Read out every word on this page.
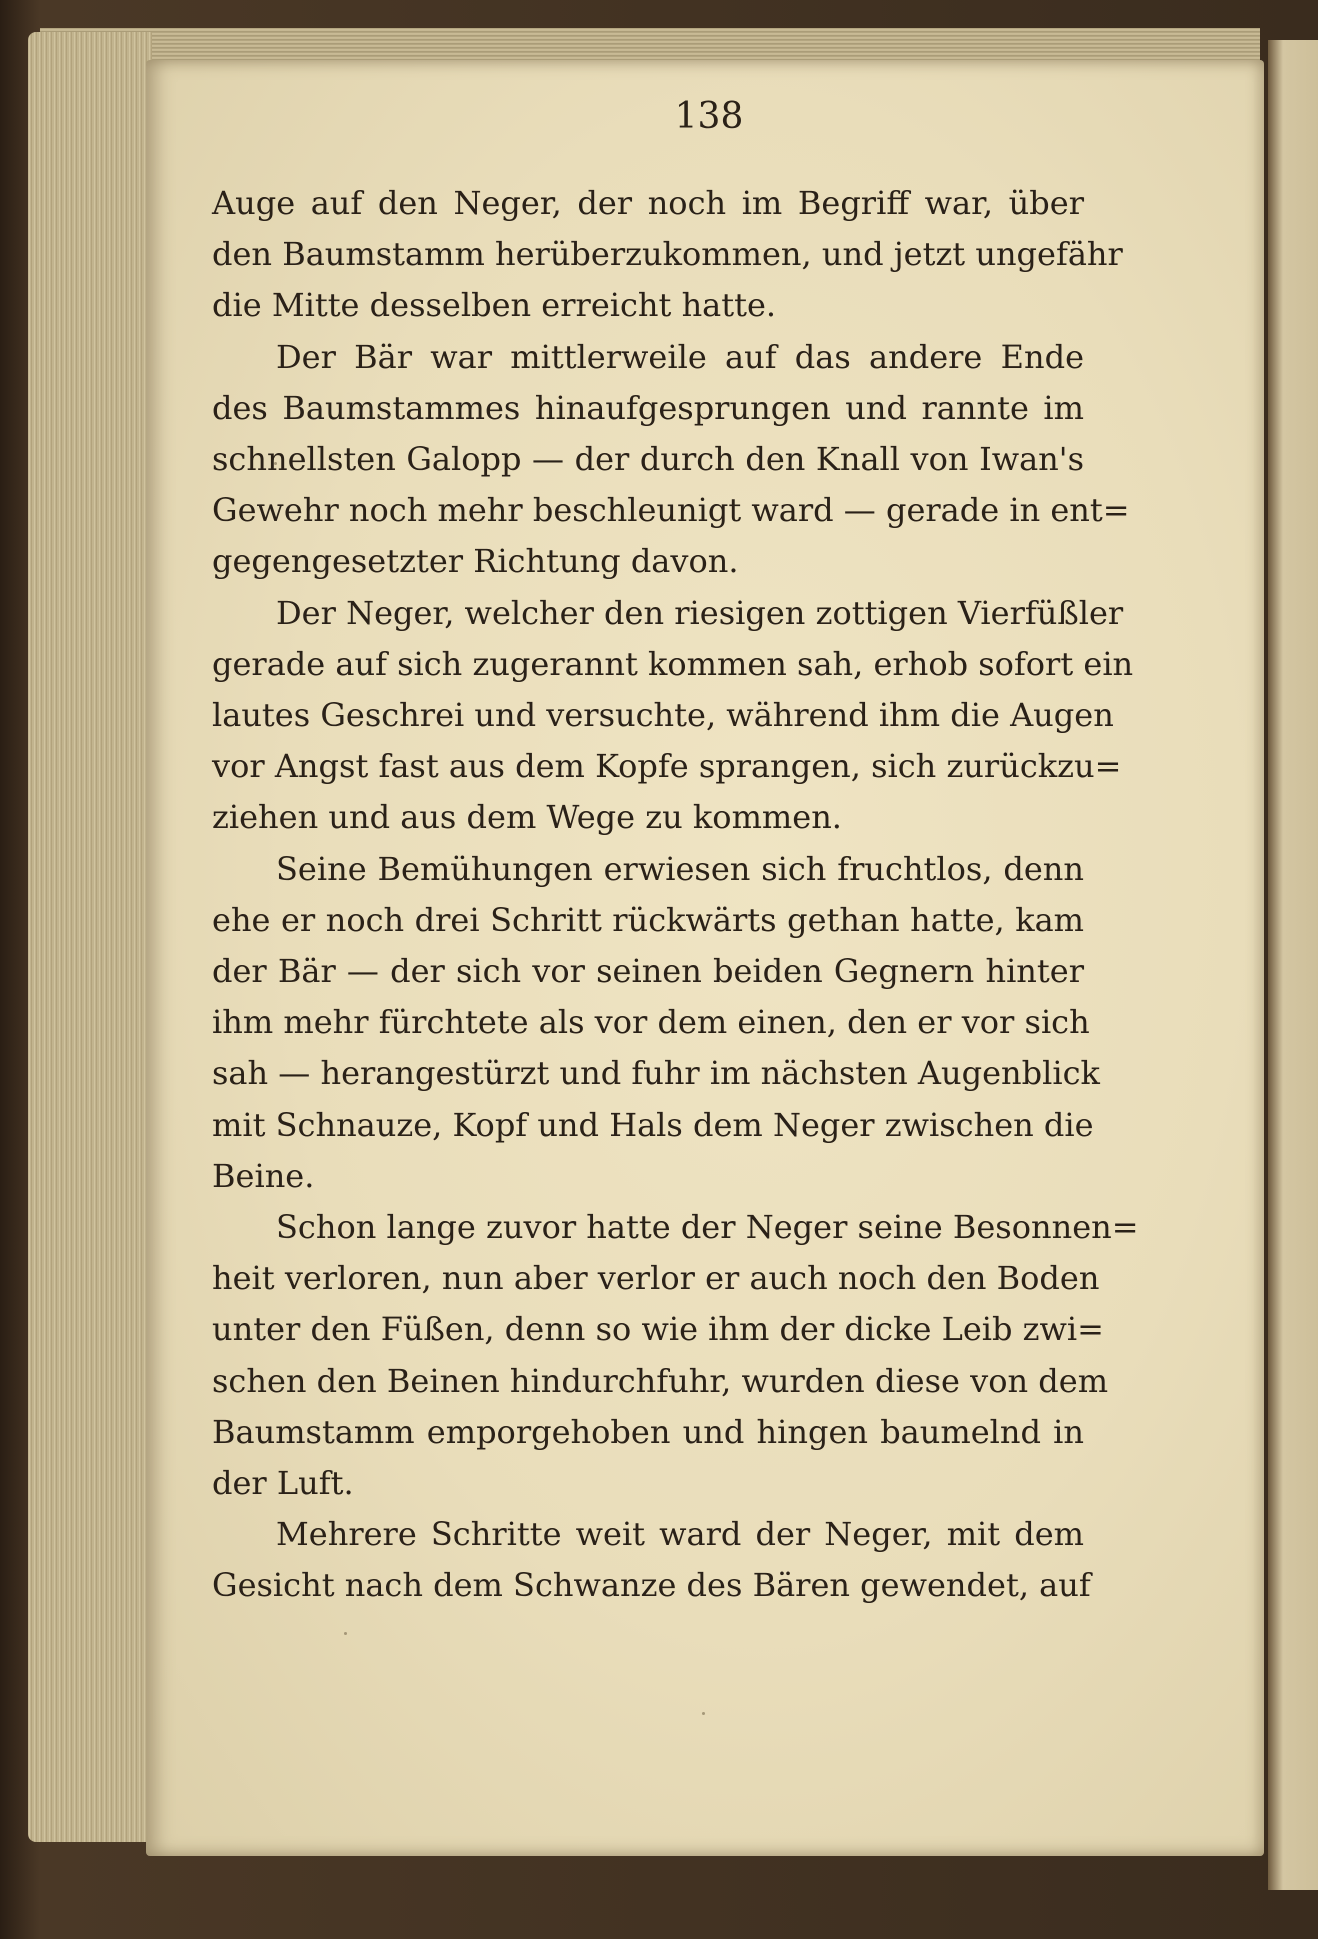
138

Auge auf den Neger, der noch im Begriff war, über
den Baumstamm herüberzukommen, und jetzt ungefähr
die Mitte desselben erreicht hatte.

Der Bär war mittlerweile auf das andere Ende
des Baumstammes hinaufgesprungen und rannte im
schnellsten Galopp — der durch den Knall von Iwan's
Gewehr noch mehr beschleunigt ward — gerade in ent=
gegengesetzter Richtung davon.

Der Neger, welcher den riesigen zottigen Vierfüßler
gerade auf sich zugerannt kommen sah, erhob sofort ein
lautes Geschrei und versuchte, während ihm die Augen
vor Angst fast aus dem Kopfe sprangen, sich zurückzu=
ziehen und aus dem Wege zu kommen.

Seine Bemühungen erwiesen sich fruchtlos, denn
ehe er noch drei Schritt rückwärts gethan hatte, kam
der Bär — der sich vor seinen beiden Gegnern hinter
ihm mehr fürchtete als vor dem einen, den er vor sich
sah — herangestürzt und fuhr im nächsten Augenblick
mit Schnauze, Kopf und Hals dem Neger zwischen die
Beine.

Schon lange zuvor hatte der Neger seine Besonnen=
heit verloren, nun aber verlor er auch noch den Boden
unter den Füßen, denn so wie ihm der dicke Leib zwi=
schen den Beinen hindurchfuhr, wurden diese von dem
Baumstamm emporgehoben und hingen baumelnd in
der Luft.

Mehrere Schritte weit ward der Neger, mit dem
Gesicht nach dem Schwanze des Bären gewendet, auf
